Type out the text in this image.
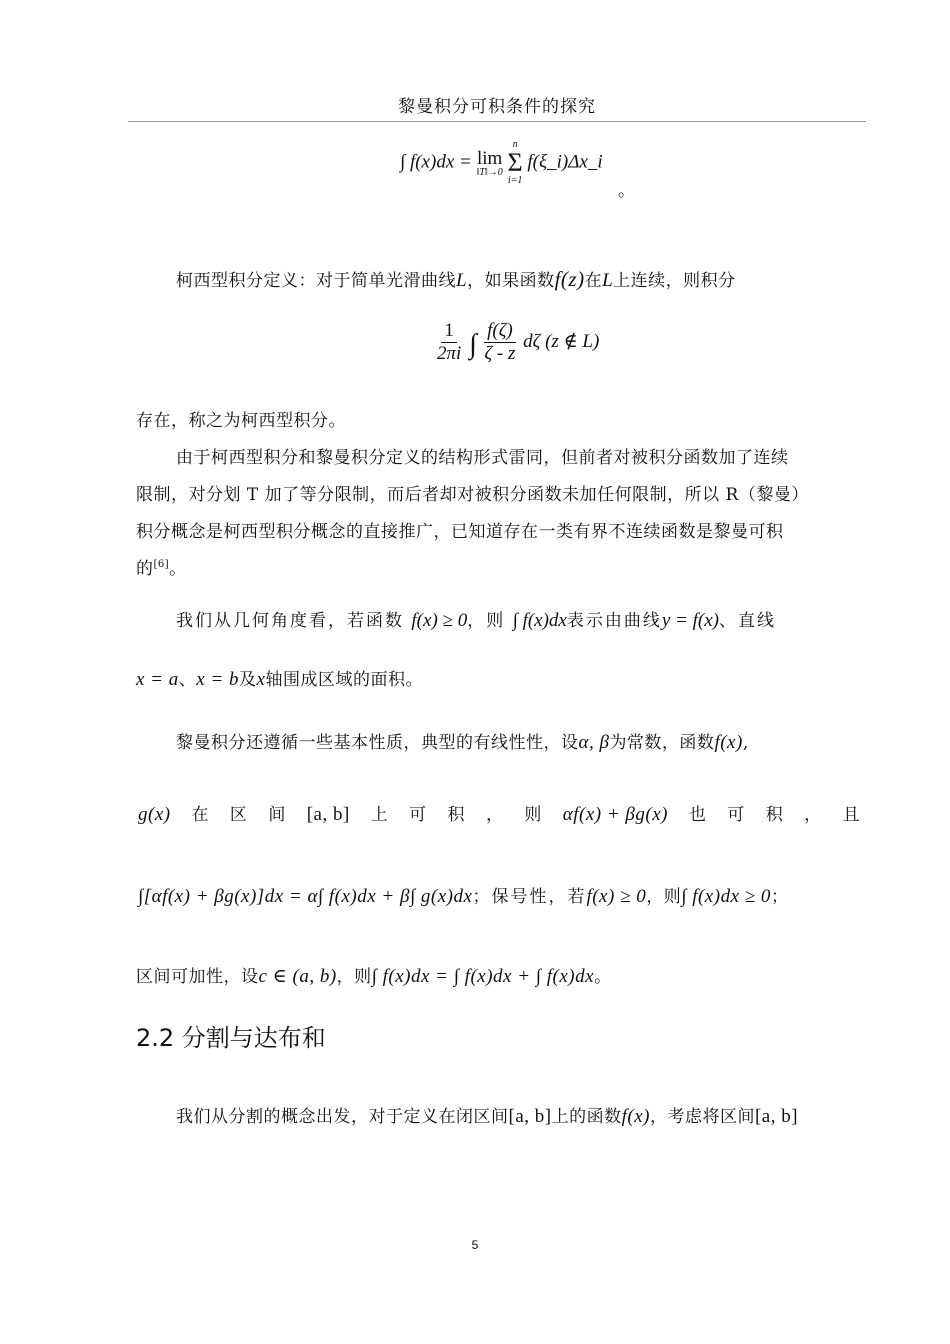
黎曼积分可积条件的探究
∫ f(x)dx = lim
‖T‖→0

n
Σ
i=1
f(ξ_i)Δx_i
。
柯西型积分定义：对于简单光滑曲线L，如果函数f(z)在L上连续，则积分
$\frac{1}{2\pi i}$ ∫ $\frac{f(\zeta)}{\zeta - z}$ dζ (z ∉ L)
存在，称之为柯西型积分。
由于柯西型积分和黎曼积分定义的结构形式雷同，但前者对被积分函数加了连续
限制，对分划 T 加了等分限制，而后者却对被积分函数未加任何限制，所以 R（黎曼）
积分概念是柯西型积分概念的直接推广，已知道存在一类有界不连续函数是黎曼可积
的[6]。
我们从几何角度看，若函数 f(x) ≥ 0，则 ∫ f(x)dx表示由曲线y = f(x)、直线
x = a、x = b及x轴围成区域的面积。
黎曼积分还遵循一些基本性质，典型的有线性性，设α, β为常数，函数f(x),
g(x) 在 区 间 [a, b] 上 可 积 ， 则 αf(x) + βg(x) 也 可 积 ， 且
∫[αf(x) + βg(x)]dx = α∫ f(x)dx + β∫ g(x)dx；保号性，若f(x) ≥ 0，则∫ f(x)dx ≥ 0；
区间可加性，设c ∈ (a, b)，则∫ f(x)dx = ∫ f(x)dx + ∫ f(x)dx。
2.2 分割与达布和
我们从分割的概念出发，对于定义在闭区间[a, b]上的函数f(x)，考虑将区间[a, b]
5
